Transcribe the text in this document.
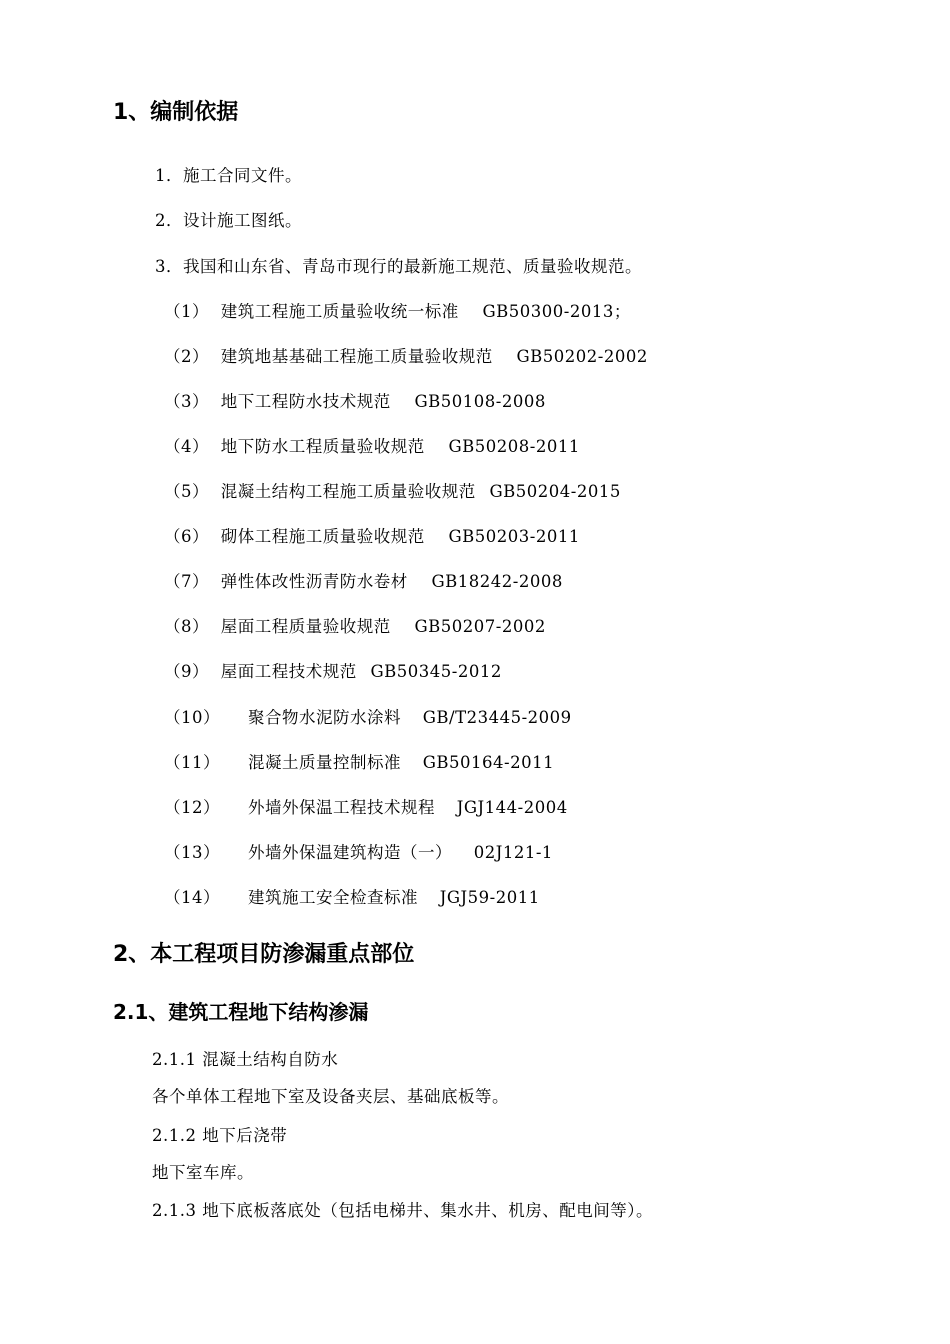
1、编制依据
1．施工合同文件。
2．设计施工图纸。
3．我国和山东省、青岛市现行的最新施工规范、质量验收规范。
（1） 建筑工程施工质量验收统一标准 GB50300-2013；
（2） 建筑地基基础工程施工质量验收规范 GB50202-2002
（3） 地下工程防水技术规范 GB50108-2008
（4） 地下防水工程质量验收规范 GB50208-2011
（5） 混凝土结构工程施工质量验收规范 GB50204-2015
（6） 砌体工程施工质量验收规范 GB50203-2011
（7） 弹性体改性沥青防水卷材 GB18242-2008
（8） 屋面工程质量验收规范 GB50207-2002
（9） 屋面工程技术规范 GB50345-2012
（10） 聚合物水泥防水涂料 GB/T23445-2009
（11） 混凝土质量控制标准 GB50164-2011
（12） 外墙外保温工程技术规程 JGJ144-2004
（13） 外墙外保温建筑构造（一） 02J121-1
（14） 建筑施工安全检查标准 JGJ59-2011
2、本工程项目防渗漏重点部位
2.1、建筑工程地下结构渗漏
2.1.1 混凝土结构自防水
各个单体工程地下室及设备夹层、基础底板等。
2.1.2 地下后浇带
地下室车库。
2.1.3 地下底板落底处（包括电梯井、集水井、机房、配电间等）。
